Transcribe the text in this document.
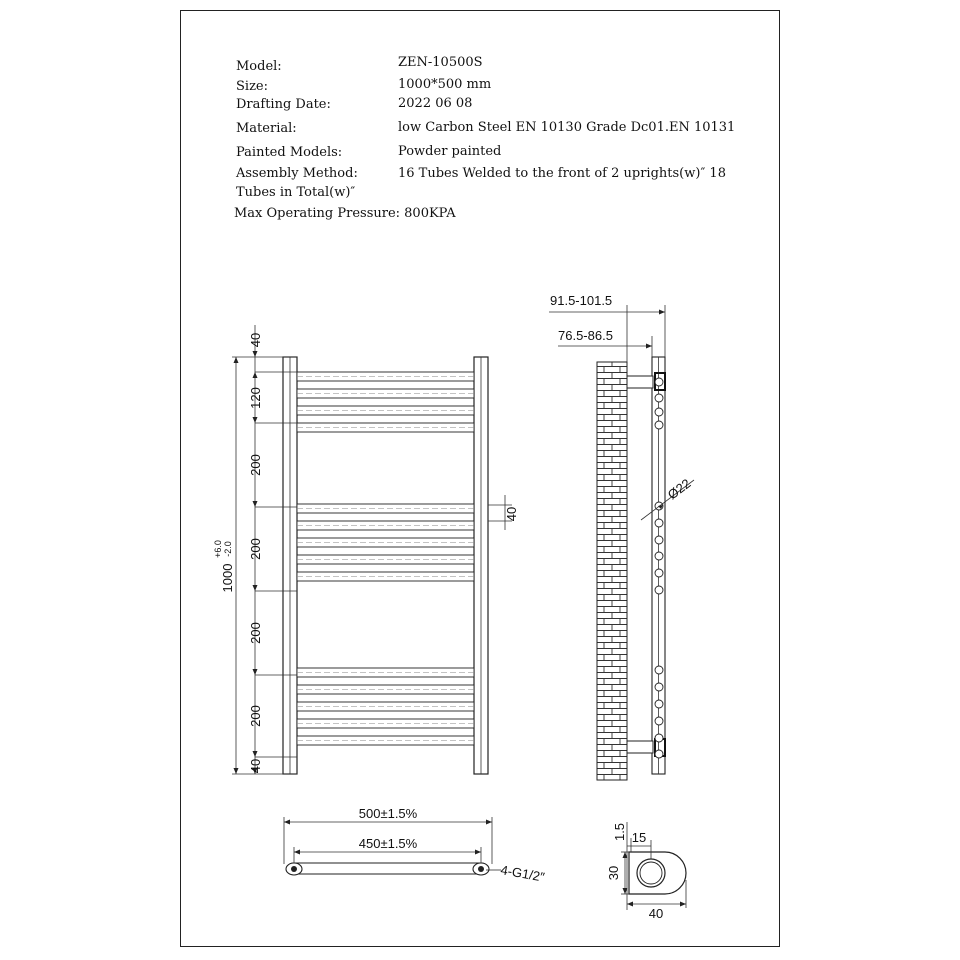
Model:	ZEN-10500S
Size:	1000*500 mm
Drafting Date:	2022 06 08
Material:	low Carbon Steel EN 10130 Grade Dc01.EN 10131
Painted Models:	Powder painted
Assembly Method:	16 Tubes Welded to the front of 2 uprights(w)″ 18
Tubes in Total(w)″
Max Operating Pressure: 800KPA
40
120
200
200
200
200
40
1000
+6.0 -2.0
40
91.5-101.5
76.5-86.5
Ø22
500±1.5%
450±1.5%
4-G1/2″
1.5 15
30
40
